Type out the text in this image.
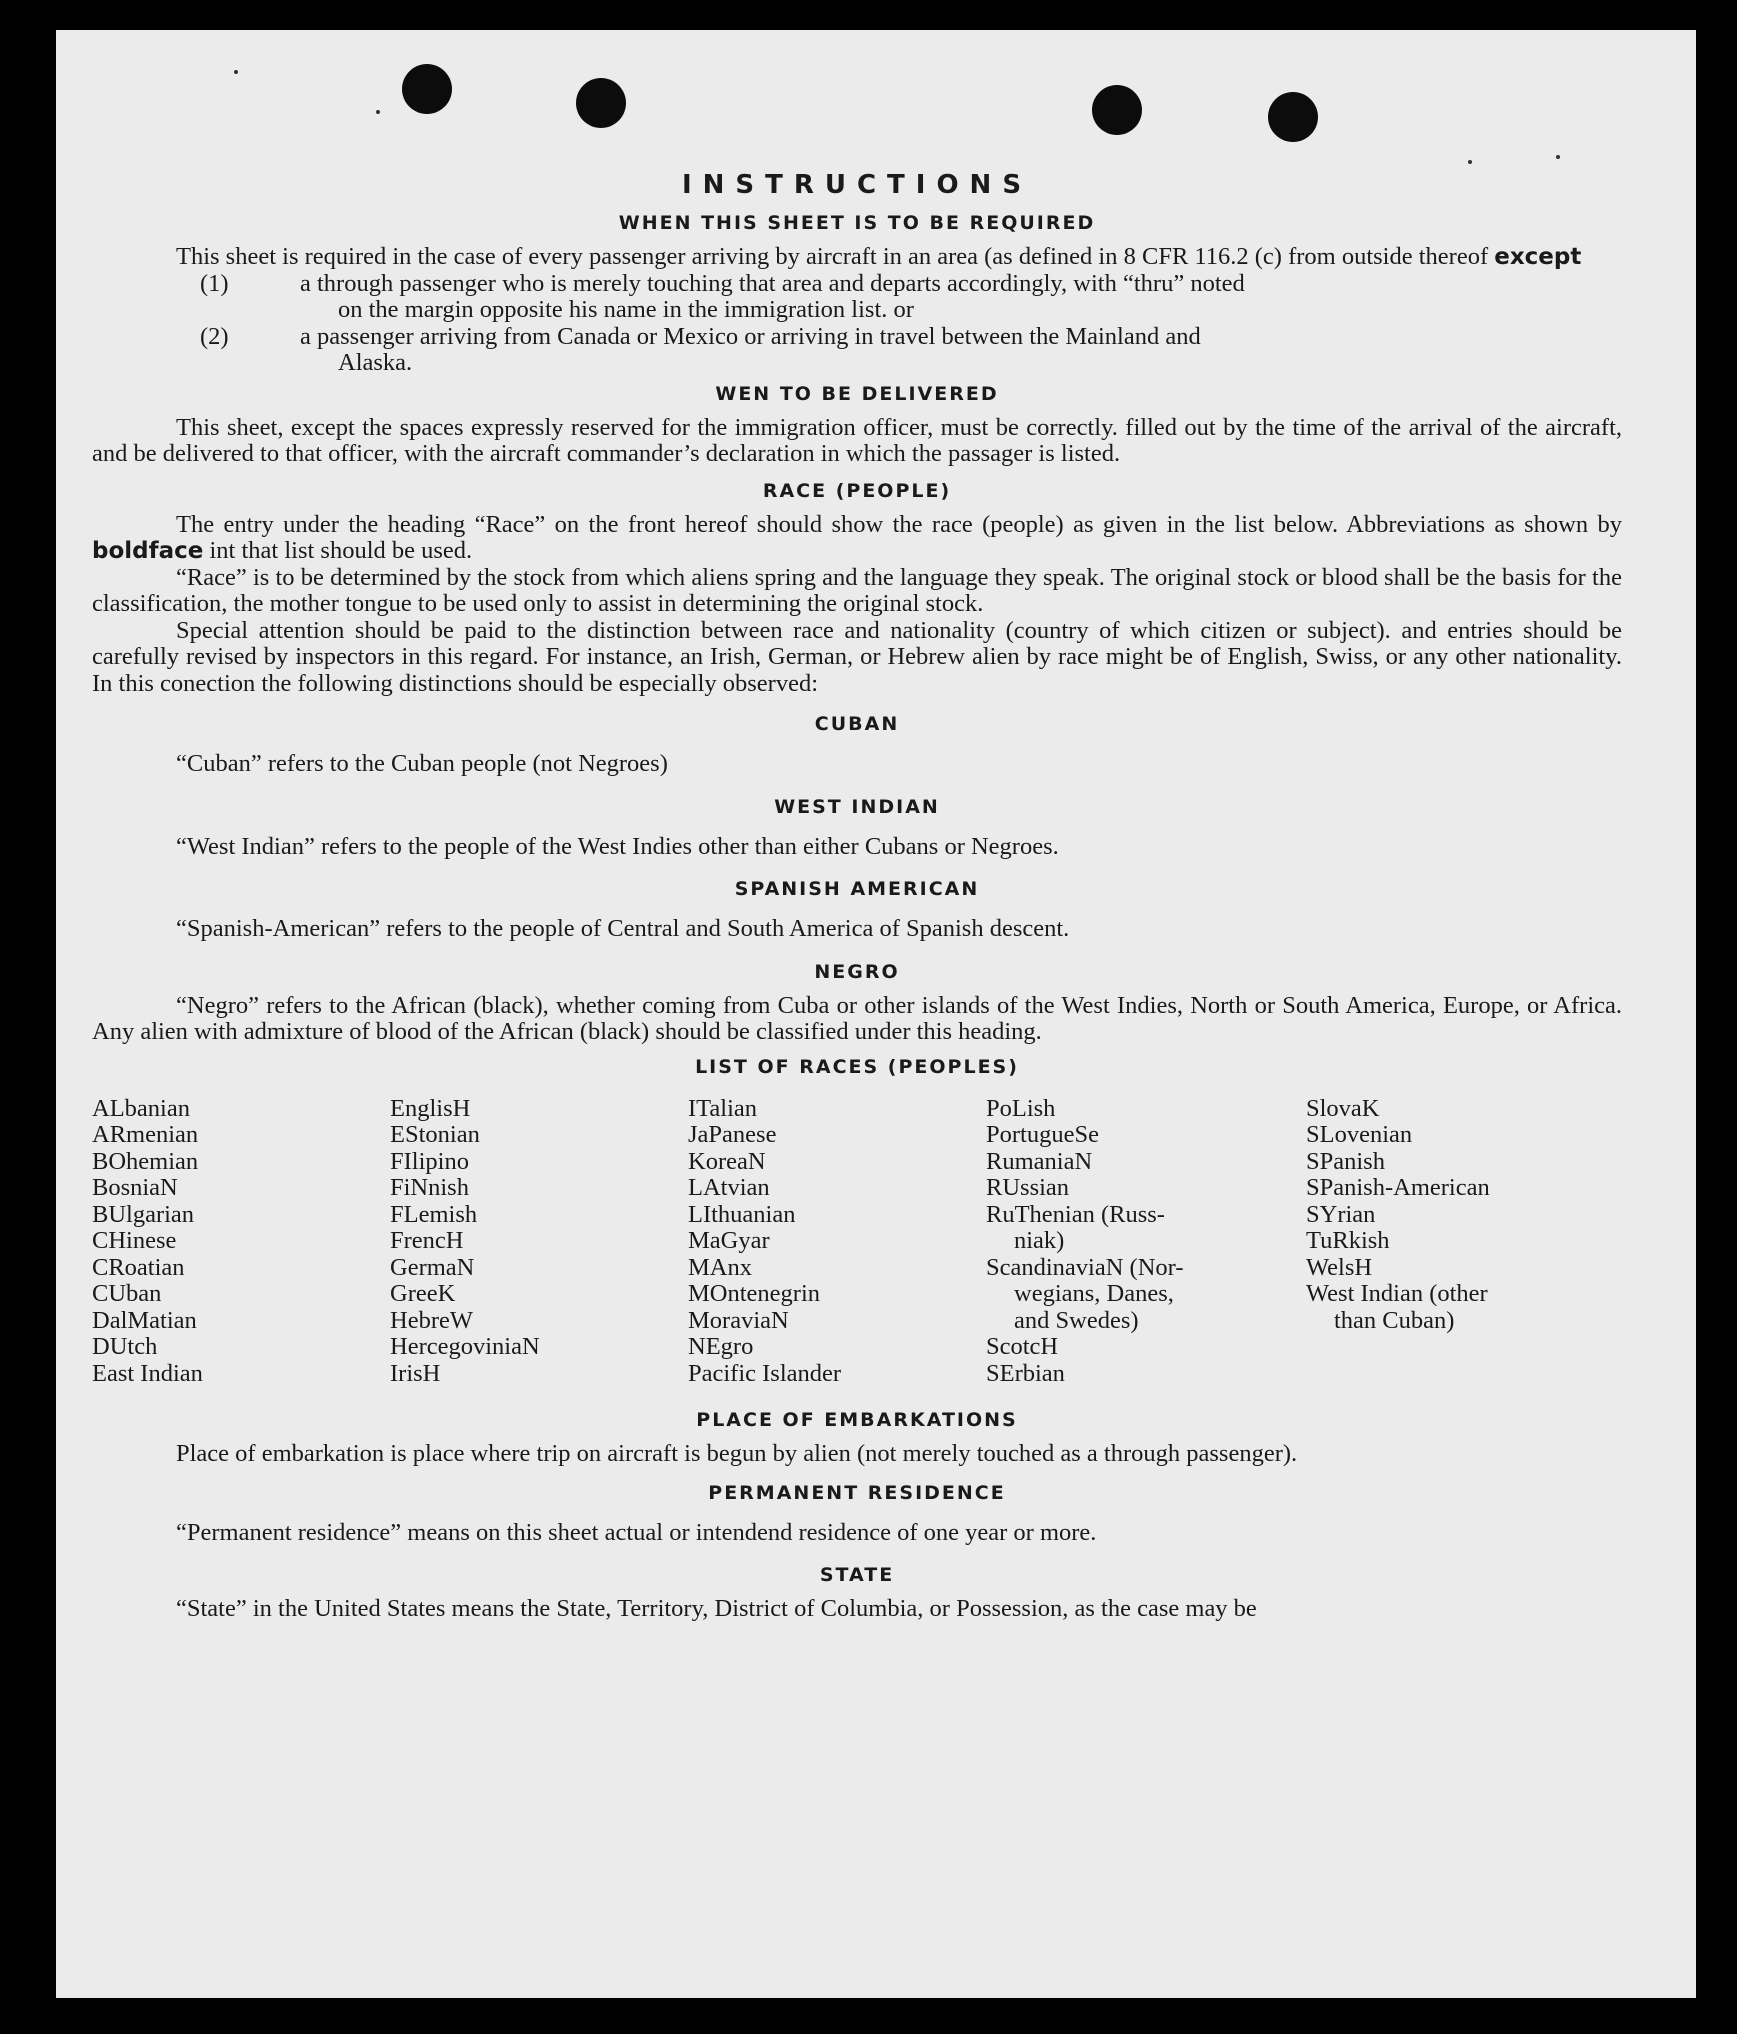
INSTRUCTIONS
WHEN THIS SHEET IS TO BE REQUIRED

This sheet is required in the case of every passenger arriving by aircraft in an area (as defined in 8 CFR 116.2 (c) from outside thereof except

(1)	a through passenger who is merely touching that area and departs accordingly, with “thru” noted
on the margin opposite his name in the immigration list. or
(2)	a passenger arriving from Canada or Mexico or arriving in travel between the Mainland and
Alaska.
WEN TO BE DELIVERED

This sheet, except the spaces expressly reserved for the immigration officer, must be correctly. filled out by the time of the arrival of the aircraft, and be delivered to that officer, with the aircraft commander’s declaration in which the passager is listed.

RACE (PEOPLE)

The entry under the heading “Race” on the front hereof should show the race (people) as given in the list below. Abbreviations as shown by boldface int that list should be used.

“Race” is to be determined by the stock from which aliens spring and the language they speak. The original stock or blood shall be the basis for the classification, the mother tongue to be used only to assist in determining the original stock.

Special attention should be paid to the distinction between race and nationality (country of which citizen or subject). and entries should be carefully revised by inspectors in this regard. For instance, an Irish, German, or Hebrew alien by race might be of English, Swiss, or any other nationality. In this conection the following distinctions should be especially observed:

CUBAN

“Cuban” refers to the Cuban people (not Negroes)

WEST INDIAN

“West Indian” refers to the people of the West Indies other than either Cubans or Negroes.

SPANISH AMERICAN

“Spanish-American” refers to the people of Central and South America of Spanish descent.

NEGRO

“Negro” refers to the African (black), whether coming from Cuba or other islands of the West Indies, North or South America, Europe, or Africa. Any alien with admixture of blood of the African (black) should be classified under this heading.

LIST OF RACES (PEOPLES)
ALbanian
ARmenian
BOhemian
BosniaN
BUlgarian
CHinese
CRoatian
CUban
DalMatian
DUtch
East Indian
EnglisH
EStonian
FIlipino
FiNnish
FLemish
FrencH
GermaN
GreeK
HebreW
HercegovinіaN
IrisH
ITalian
JaPanese
KoreaN
LAtvian
LIthuanian
MaGyar
MAnx
MOntenegrin
MoraviaN
NEgro
Pacific Islander
PoLish
PortugueSe
RumaniaN
RUssian
RuThenian (Russ-
niak)
ScandinaviaN (Nor-
wegians, Danes,
and Swedes)
ScotcH
SErbian
SlovaK
SLovenian
SPanish
SPanish-American
SYrian
TuRkish
WelsH
West Indian (other
than Cuban)
PLACE OF EMBARKATIONS

Place of embarkation is place where trip on aircraft is begun by alien (not merely touched as a through passenger).

PERMANENT RESIDENCE

“Permanent residence” means on this sheet actual or intendend residence of one year or more.

STATE

“State” in the United States means the State, Territory, District of Columbia, or Possession, as the case may be
